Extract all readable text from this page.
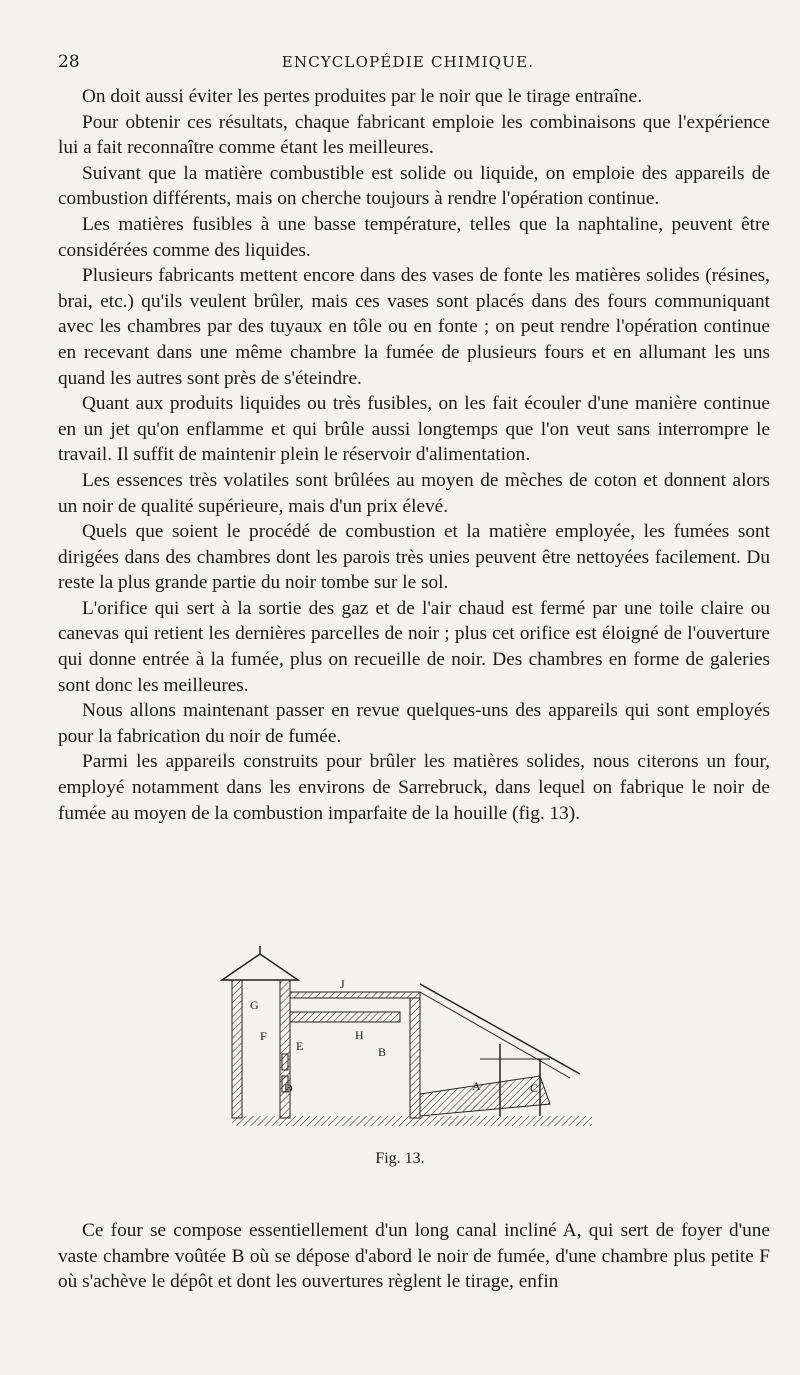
28	ENCYCLOPÉDIE CHIMIQUE.

On doit aussi éviter les pertes produites par le noir que le tirage entraîne.

Pour obtenir ces résultats, chaque fabricant emploie les combinaisons que l'expérience lui a fait reconnaître comme étant les meilleures.

Suivant que la matière combustible est solide ou liquide, on emploie des appareils de combustion différents, mais on cherche toujours à rendre l'opération continue.

Les matières fusibles à une basse température, telles que la naphtaline, peuvent être considérées comme des liquides.

Plusieurs fabricants mettent encore dans des vases de fonte les matières solides (résines, brai, etc.) qu'ils veulent brûler, mais ces vases sont placés dans des fours communiquant avec les chambres par des tuyaux en tôle ou en fonte ; on peut rendre l'opération continue en recevant dans une même chambre la fumée de plusieurs fours et en allumant les uns quand les autres sont près de s'éteindre.

Quant aux produits liquides ou très fusibles, on les fait écouler d'une manière continue en un jet qu'on enflamme et qui brûle aussi longtemps que l'on veut sans interrompre le travail. Il suffit de maintenir plein le réservoir d'alimentation.

Les essences très volatiles sont brûlées au moyen de mèches de coton et donnent alors un noir de qualité supérieure, mais d'un prix élevé.

Quels que soient le procédé de combustion et la matière employée, les fumées sont dirigées dans des chambres dont les parois très unies peuvent être nettoyées facilement. Du reste la plus grande partie du noir tombe sur le sol.

L'orifice qui sert à la sortie des gaz et de l'air chaud est fermé par une toile claire ou canevas qui retient les dernières parcelles de noir ; plus cet orifice est éloigné de l'ouverture qui donne entrée à la fumée, plus on recueille de noir. Des chambres en forme de galeries sont donc les meilleures.

Nous allons maintenant passer en revue quelques-uns des appareils qui sont employés pour la fabrication du noir de fumée.

Parmi les appareils construits pour brûler les matières solides, nous citerons un four, employé notamment dans les environs de Sarrebruck, dans lequel on fabrique le noir de fumée au moyen de la combustion imparfaite de la houille (fig. 13).

G
J
F	H
E	B
D	A	C
Fig. 13.

Ce four se compose essentiellement d'un long canal incliné A, qui sert de foyer d'une vaste chambre voûtée B où se dépose d'abord le noir de fumée, d'une chambre plus petite F où s'achève le dépôt et dont les ouvertures règlent le tirage, enfin
